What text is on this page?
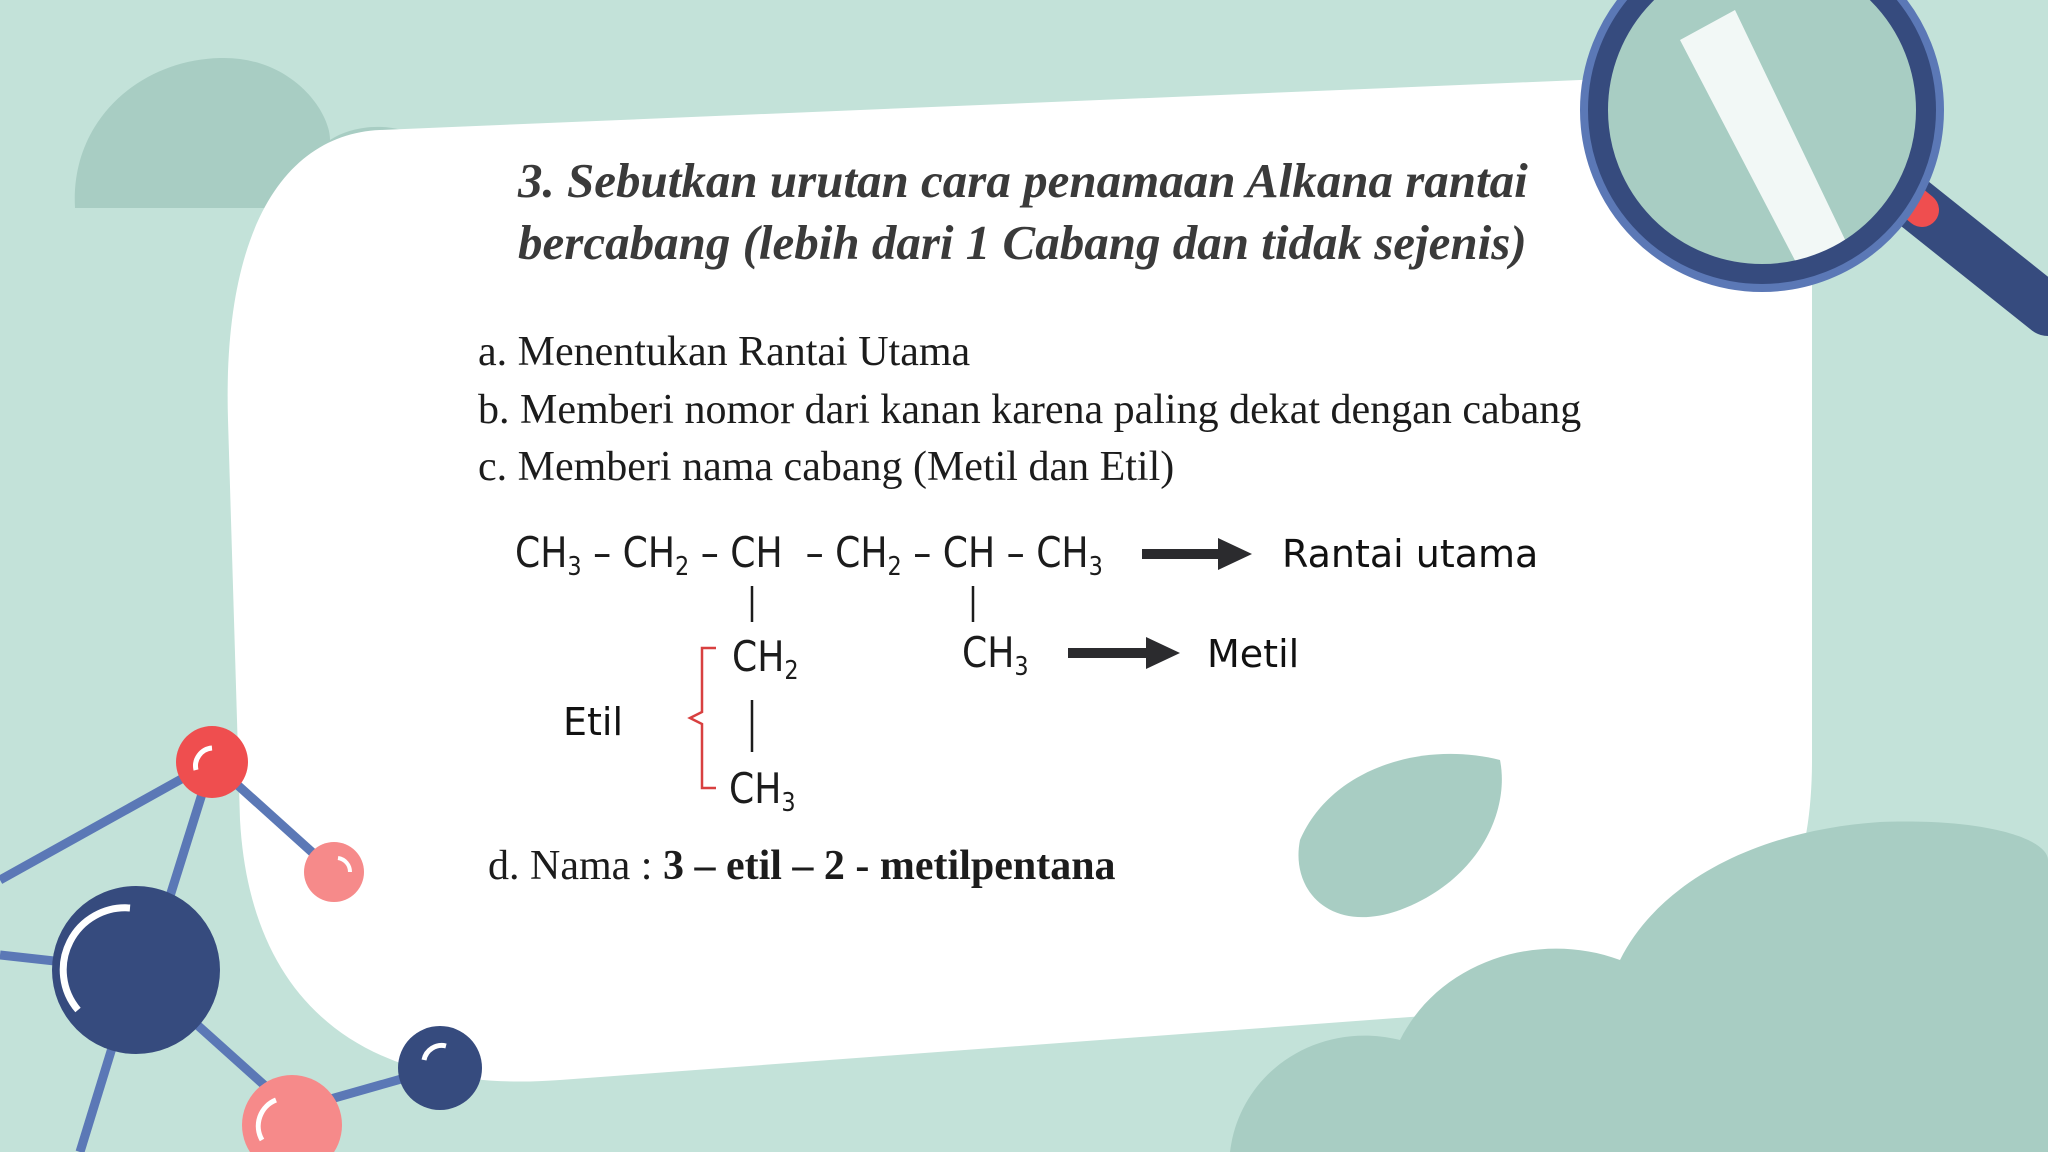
3. Sebutkan urutan cara penamaan Alkana rantai
bercabang (lebih dari 1 Cabang dan tidak sejenis)
a. Menentukan Rantai Utama
b. Memberi nomor dari kanan karena paling dekat dengan cabang
c. Memberi nama cabang (Metil dan Etil)
$CH_3 - CH_2$ – CH  – $CH_2$ – CH – $CH_3$
$CH_3$
$CH_2$
$CH_3$
Rantai utama
Metil
Etil
d. Nama : 3 – etil – 2 - metilpentana
